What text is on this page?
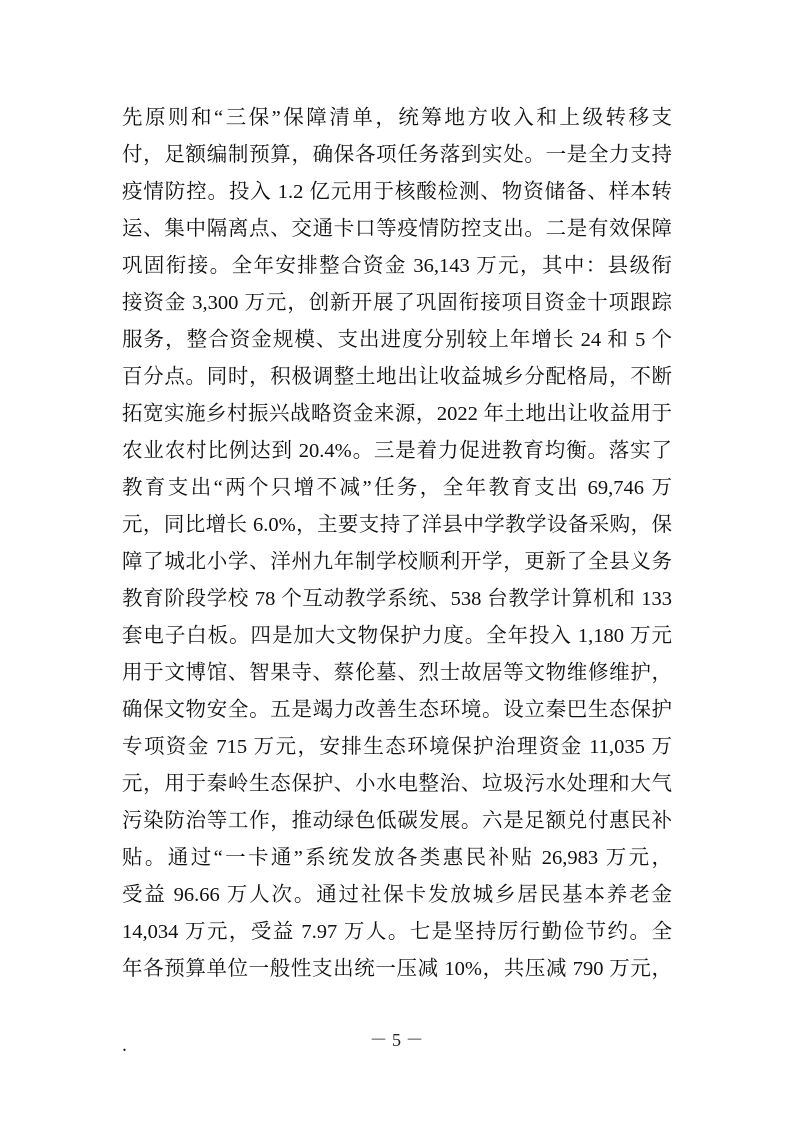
先原则和“三保”保障清单，统筹地方收入和上级转移支
付，足额编制预算，确保各项任务落到实处。一是全力支持
疫情防控。投入 1.2 亿元用于核酸检测、物资储备、样本转
运、集中隔离点、交通卡口等疫情防控支出。二是有效保障
巩固衔接。全年安排整合资金 36,143 万元，其中：县级衔
接资金 3,300 万元，创新开展了巩固衔接项目资金十项跟踪
服务，整合资金规模、支出进度分别较上年增长 24 和 5 个
百分点。同时，积极调整土地出让收益城乡分配格局，不断
拓宽实施乡村振兴战略资金来源，2022 年土地出让收益用于
农业农村比例达到 20.4%。三是着力促进教育均衡。落实了
教育支出“两个只增不减”任务，全年教育支出 69,746 万
元，同比增长 6.0%，主要支持了洋县中学教学设备采购，保
障了城北小学、洋州九年制学校顺利开学，更新了全县义务
教育阶段学校 78 个互动教学系统、538 台教学计算机和 133
套电子白板。四是加大文物保护力度。全年投入 1,180 万元
用于文博馆、智果寺、蔡伦墓、烈士故居等文物维修维护，
确保文物安全。五是竭力改善生态环境。设立秦巴生态保护
专项资金 715 万元，安排生态环境保护治理资金 11,035 万
元，用于秦岭生态保护、小水电整治、垃圾污水处理和大气
污染防治等工作，推动绿色低碳发展。六是足额兑付惠民补
贴。通过“一卡通”系统发放各类惠民补贴 26,983 万元，
受益 96.66 万人次。通过社保卡发放城乡居民基本养老金
14,034 万元，受益 7.97 万人。七是坚持厉行勤俭节约。全
年各预算单位一般性支出统一压减 10%，共压减 790 万元，
－ 5 －
.
